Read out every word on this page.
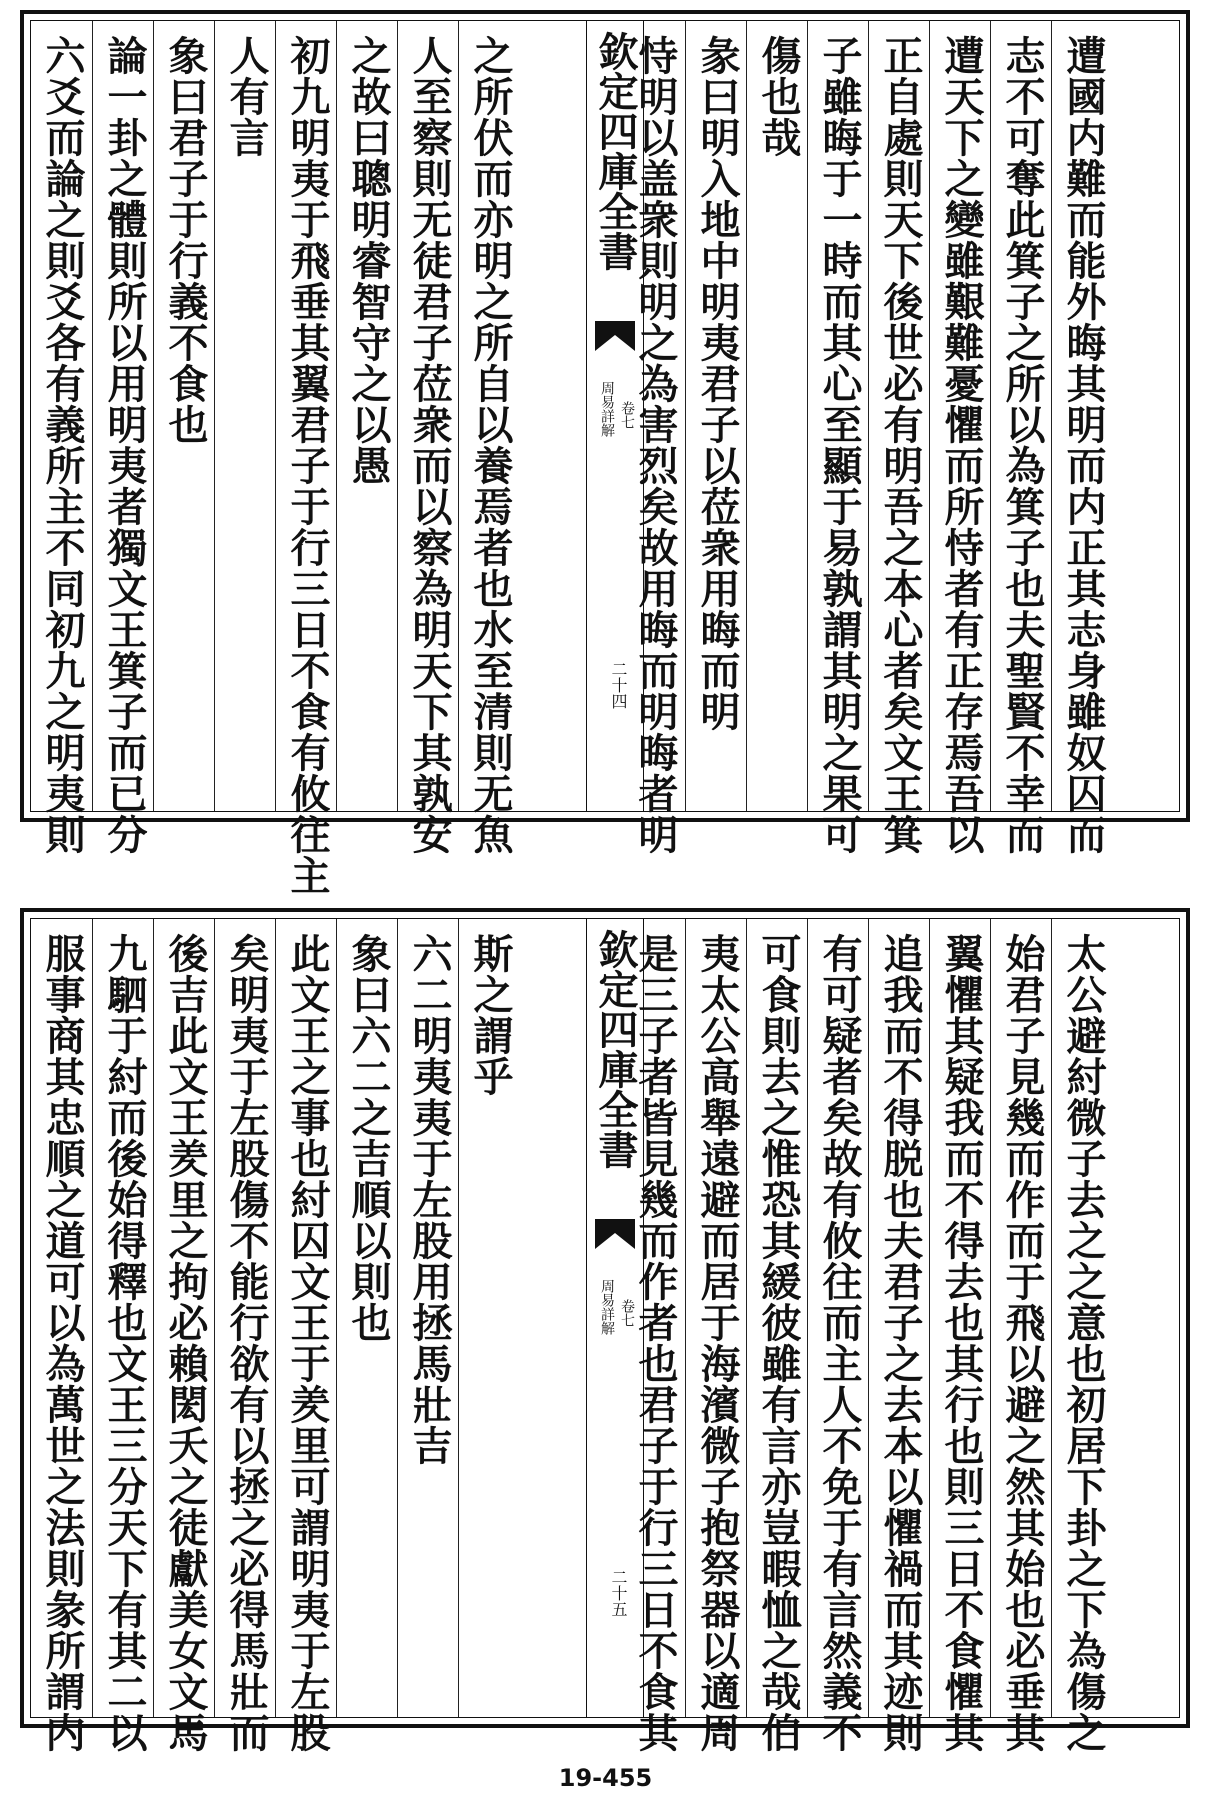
六爻而論之則爻各有義所主不同初九之明夷則 論一卦之體則所以用明夷者獨文王箕子而已分 象曰君子于行義不食也 人有言 初九明夷于飛垂其翼君子于行三日不食有攸往主 之故曰聰明睿智守之以愚 人至察則无徒君子莅衆而以察為明天下其孰安 之所伏而亦明之所自以養焉者也水至清則无魚 欽定四庫全書
周易詳解 卷七
二十四 恃明以盖衆則明之為害烈矣故用晦而明晦者明 彖曰明入地中明夷君子以莅衆用晦而明 傷也哉 子雖晦于一時而其心至顯于易孰謂其明之果可 正自處則天下後世必有明吾之本心者矣文王箕 遭天下之變雖艱難憂懼而所恃者有正存焉吾以 志不可奪此箕子之所以為箕子也夫聖賢不幸而 遭國内難而能外晦其明而内正其志身雖奴囚而
服事商其忠順之道可以為萬世之法則彖所謂内 九駟于紂而後始得釋也文王三分天下有其二以 後吉此文王羑里之拘必賴閎夭之徒獻美女文馬 矣明夷于左股傷不能行欲有以拯之必得馬壯而 此文王之事也紂囚文王于羑里可謂明夷于左股 象曰六二之吉順以則也 六二明夷夷于左股用拯馬壯吉 斯之謂乎 欽定四庫全書
周易詳解 卷七
二十五 是三子者皆見幾而作者也君子于行三日不食其 夷太公高舉遠避而居于海濱微子抱祭器以適周 可食則去之惟恐其緩彼雖有言亦豈暇恤之哉伯 有可疑者矣故有攸往而主人不免于有言然義不 追我而不得脱也夫君子之去本以懼禍而其迹則 翼懼其疑我而不得去也其行也則三日不食懼其 始君子見幾而作而于飛以避之然其始也必垂其 太公避紂微子去之之意也初居下卦之下為傷之
19-455
